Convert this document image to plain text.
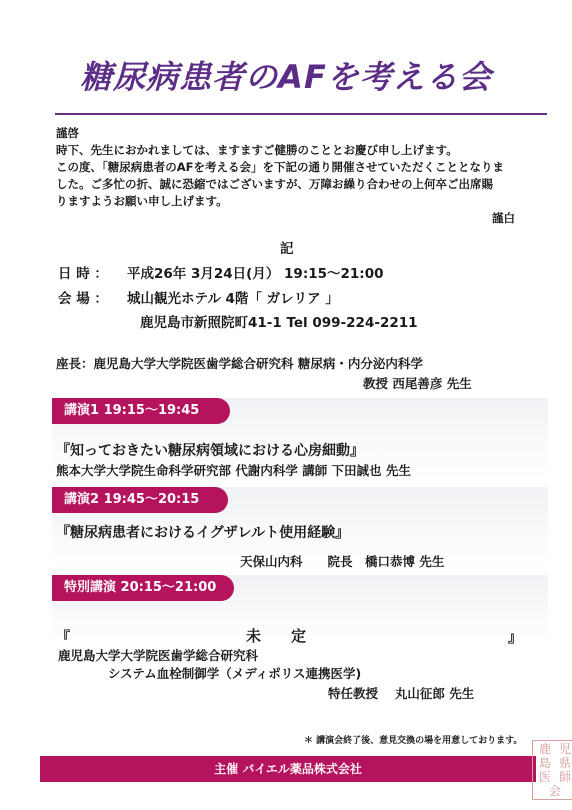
糖尿病患者のAFを考える会
謹啓
時下、先生におかれましては、ますますご健勝のこととお慶び申し上げます。
この度、「糖尿病患者のAFを考える会」を下記の通り開催させていただくこととなりま
した。ご多忙の折、誠に恐縮ではございますが、万障お繰り合わせの上何卒ご出席賜
りますようお願い申し上げます。
謹白
記
日 時 ： 平成26年 3月24日(月） 19:15～21:00
会 場 ： 城山観光ホテル 4階「 ガレリア 」
鹿児島市新照院町41-1 Tel 099-224-2211
座長：鹿児島大学大学院医歯学総合研究科 糖尿病・内分泌内科学
教授 西尾善彦 先生
講演1 19:15～19:45
『知っておきたい糖尿病領域における心房細動』
熊本大学大学院生命科学研究部 代謝内科学 講師 下田誠也 先生
講演2 19:45～20:15
『糖尿病患者におけるイグザレルト使用経験』
天保山内科　　院長　橋口恭博 先生
特別講演 20:15～21:00
『	未　　定	』
鹿児島大学大学院医歯学総合研究科
システム血栓制御学（メディポリス連携医学)
特任教授　 丸山征郎 先生
＊ 講演会終了後、意見交換の場を用意しております。
主催 バイエル薬品株式会社
鹿 児
島 県
医 師
会
